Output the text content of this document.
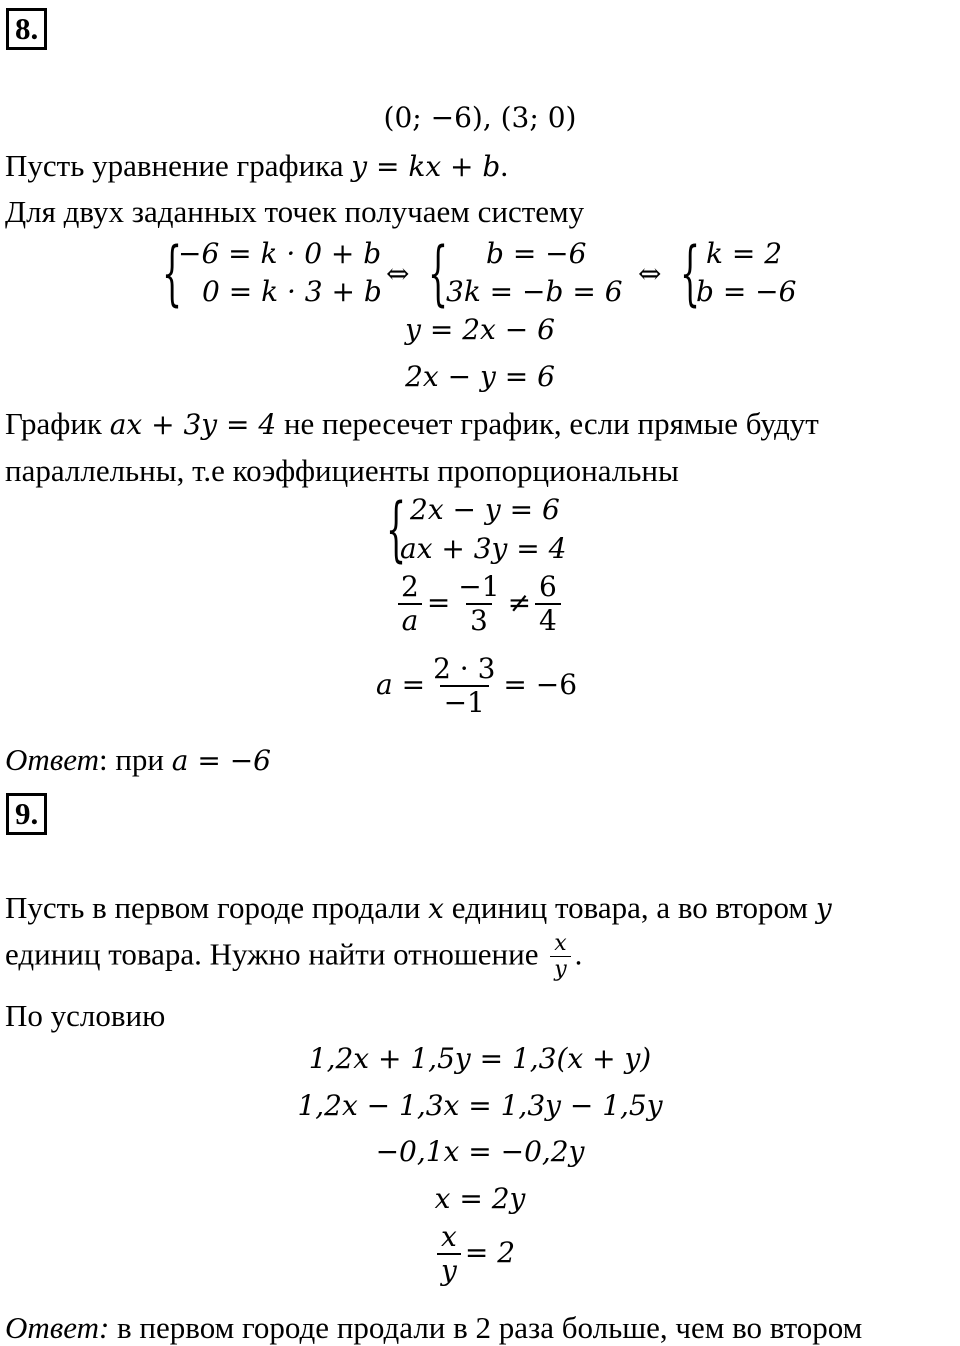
8.
(0; −6), (3; 0)
Пусть уравнение графика y = kx + b.
Для двух заданных точек получаем систему
{
−6 = k · 0 + b
0 = k · 3 + b
⇔ { b = −6
3k = −b = 6
⇔ { k = 2
b = −6
y = 2x − 6
2x − y = 6
График ax + 3y = 4 не пересечет график, если прямые будут
параллельны, т.е коэффициенты пропорциональны
{ 2x − y = 6
ax + 3y = 4
$\frac{2}{a} = \frac{-1}{3} \ne \frac{6}{4}$
$a = \frac{2 \cdot 3}{-1} = -6$
Ответ: при a = −6
9.
Пусть в первом городе продали x единиц товара, а во втором y
единиц товара. Нужно найти отношение $\frac{x}{y}$ .
По условию
1,2x + 1,5y = 1,3(x + y)
1,2x − 1,3x = 1,3y − 1,5y
−0,1x = −0,2y
x = 2y
$\frac{x}{y} = 2$
Ответ: в первом городе продали в 2 раза больше, чем во втором
